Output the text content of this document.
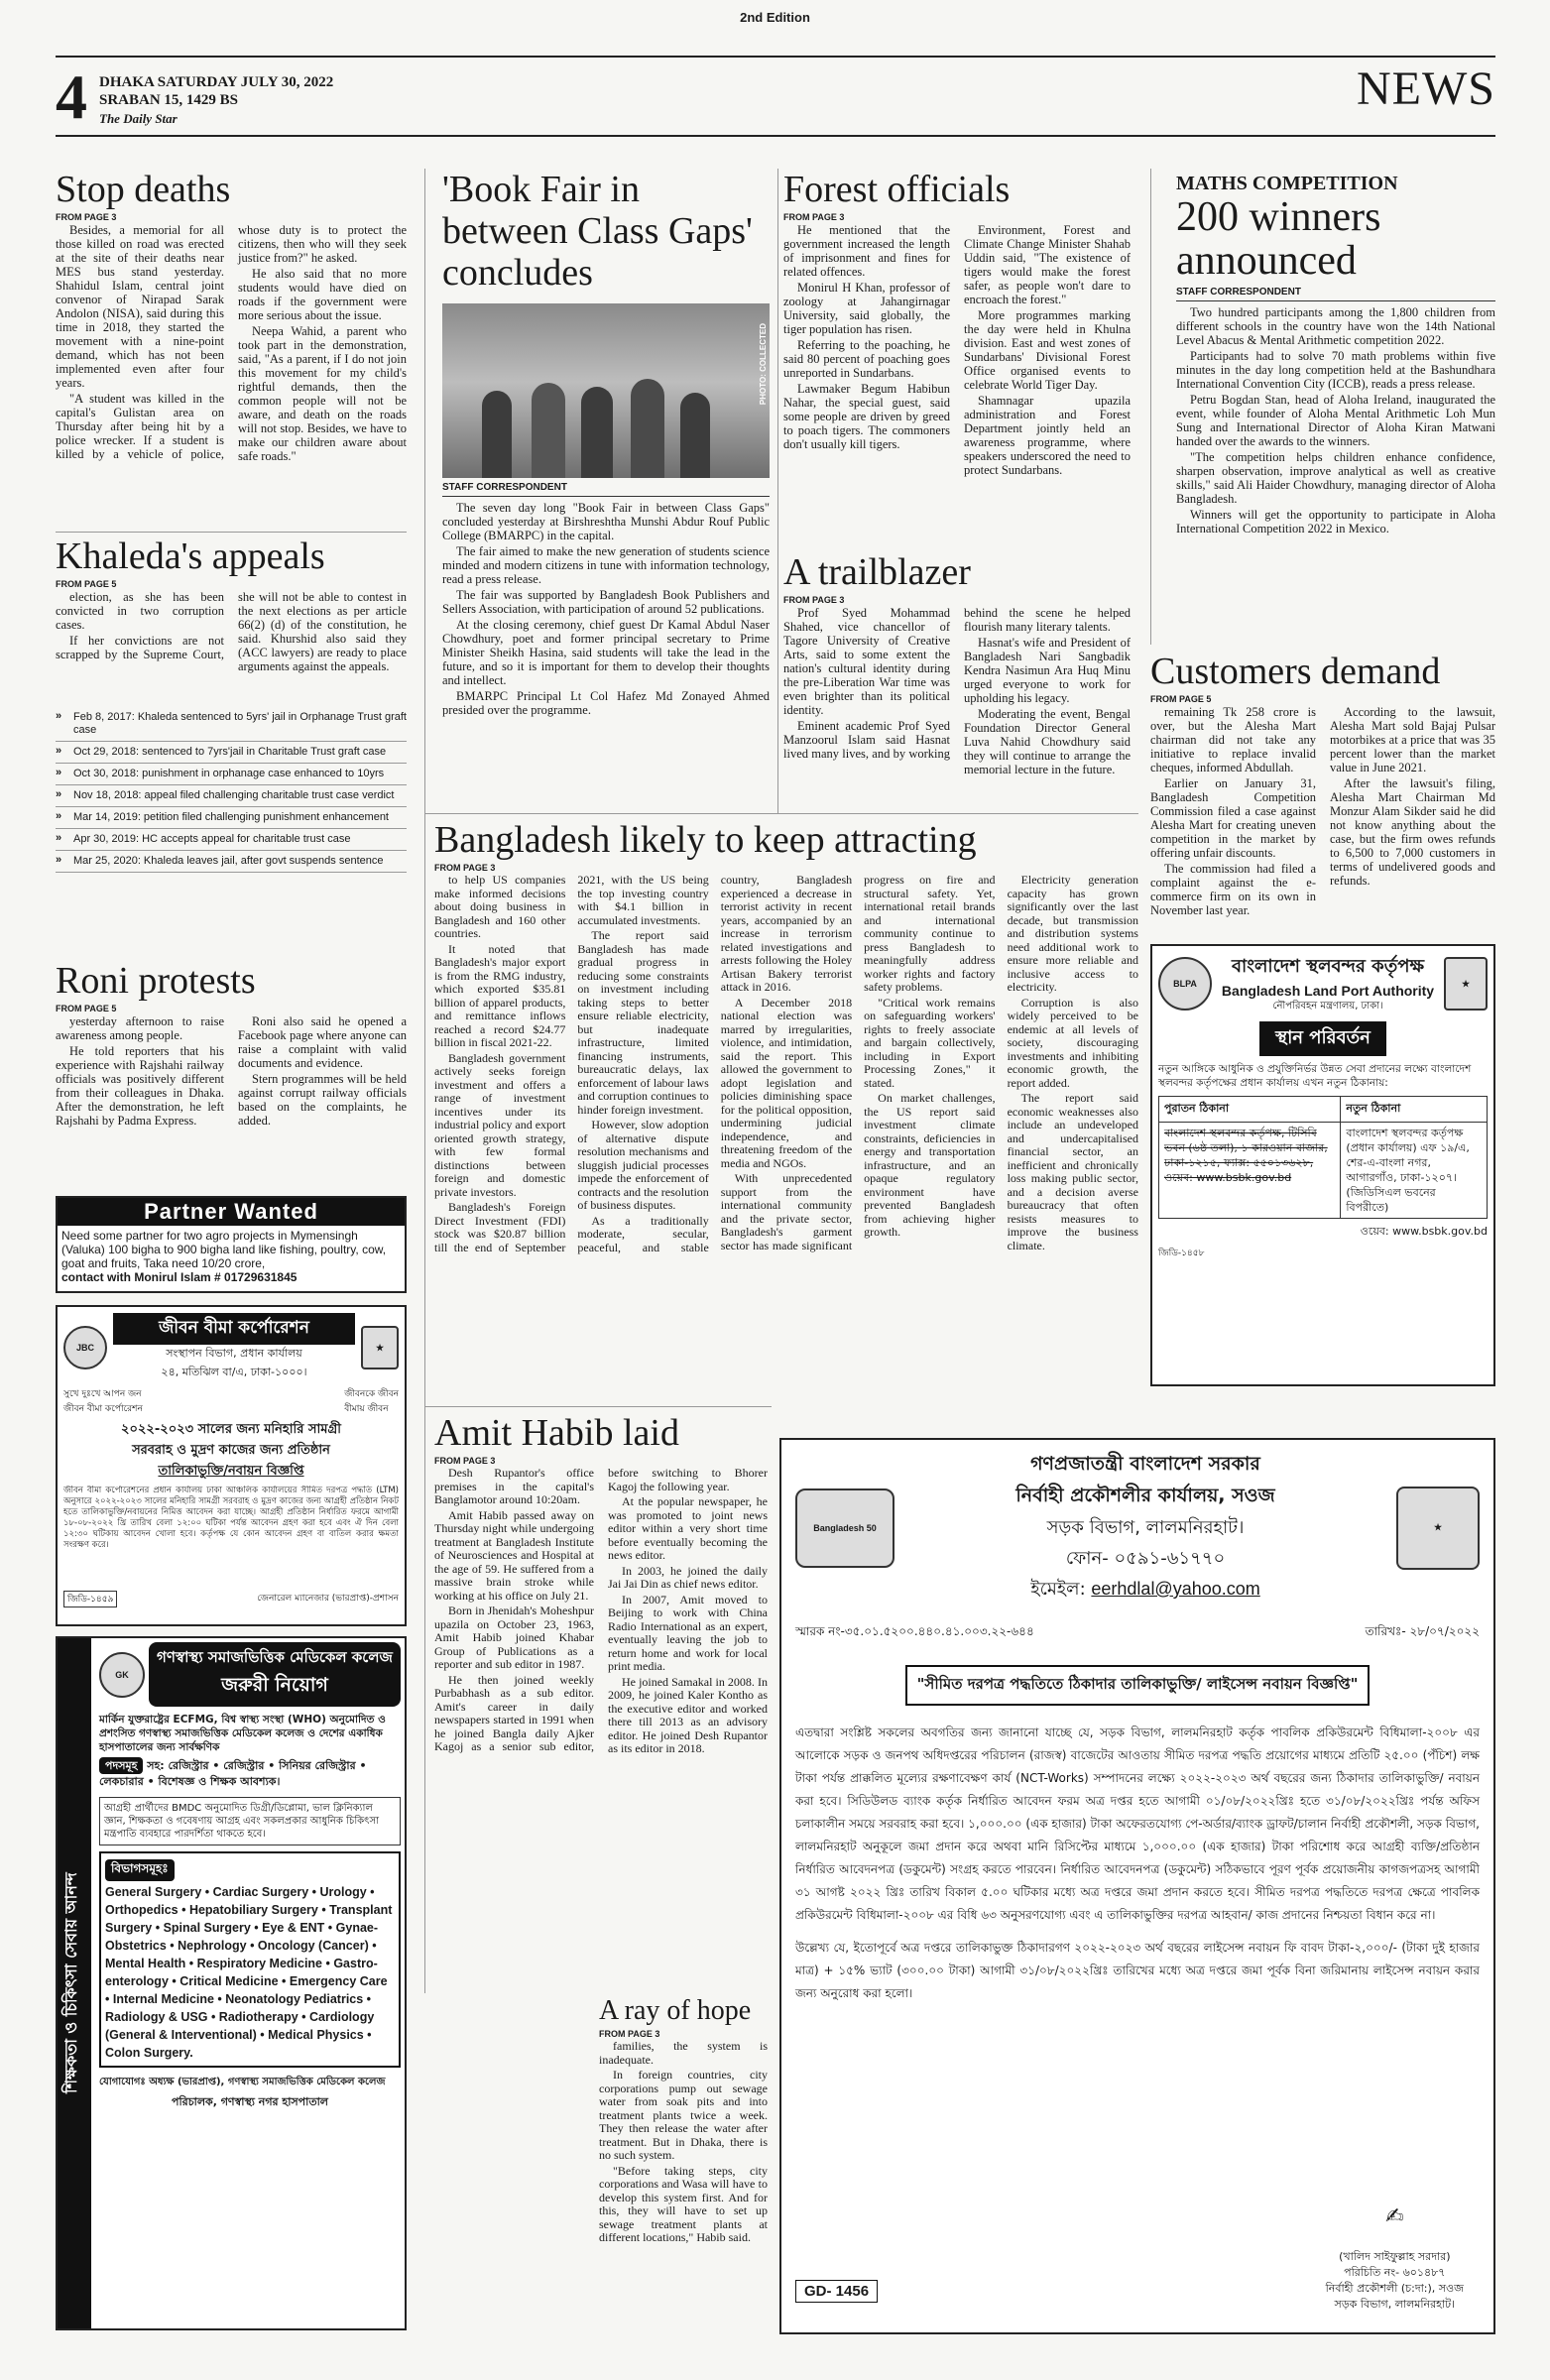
2nd Edition
4 DHAKA SATURDAY JULY 30, 2022
SRABAN 15, 1429 BS
The Daily Star
NEWS
Stop deaths
FROM PAGE 3

Besides, a memorial for all those killed on road was erected at the site of their deaths near MES bus stand yesterday. Shahidul Islam, central joint convenor of Nirapad Sarak Andolon (NISA), said during this time in 2018, they started the movement with a nine-point demand, which has not been implemented even after four years.

"A student was killed in the capital's Gulistan area on Thursday after being hit by a police wrecker. If a student is killed by a vehicle of police, whose duty is to protect the citizens, then who will they seek justice from?" he asked.

He also said that no more students would have died on roads if the government were more serious about the issue.

Neepa Wahid, a parent who took part in the demonstration, said, "As a parent, if I do not join this movement for my child's rightful demands, then the common people will not be aware, and death on the roads will not stop. Besides, we have to make our children aware about safe roads."

Khaleda's appeals
FROM PAGE 5

election, as she has been convicted in two corruption cases.

If her convictions are not scrapped by the Supreme Court, she will not be able to contest in the next elections as per article 66(2) (d) of the constitution, he said. Khurshid also said they (ACC lawyers) are ready to place arguments against the appeals.

» Feb 8, 2017: Khaleda sentenced to 5yrs' jail in Orphanage Trust graft case
» Oct 29, 2018: sentenced to 7yrs'jail in Charitable Trust graft case
» Oct 30, 2018: punishment in orphanage case enhanced to 10yrs
» Nov 18, 2018: appeal filed challenging charitable trust case verdict
» Mar 14, 2019: petition filed challenging punishment enhancement
» Apr 30, 2019: HC accepts appeal for charitable trust case
» Mar 25, 2020: Khaleda leaves jail, after govt suspends sentence
Roni protests
FROM PAGE 5

yesterday afternoon to raise awareness among people.

He told reporters that his experience with Rajshahi railway officials was positively different from their colleagues in Dhaka. After the demonstration, he left Rajshahi by Padma Express.

Roni also said he opened a Facebook page where anyone can raise a complaint with valid documents and evidence.

Stern programmes will be held against corrupt railway officials based on the complaints, he added.

Partner Wanted
Need some partner for two agro projects in Mymensingh (Valuka) 100 bigha to 900 bigha land like fishing, poultry, cow, goat and fruits, Taka need 10/20 crore,
contact with Monirul Islam # 01729631845
JBC
জীবন বীমা কর্পোরেশন
সংস্থাপন বিভাগ, প্রধান কার্যালয়
২৪, মতিঝিল বা/এ, ঢাকা-১০০০।
★
সুখে দুঃখে আপন জন
জীবন বীমা কর্পোরেশন
জীবনকে জীবন
বীমায় জীবন
২০২২-২০২৩ সালের জন্য মনিহারি সামগ্রী
সরবরাহ ও মুদ্রণ কাজের জন্য প্রতিষ্ঠান
তালিকাভুক্তি/নবায়ন বিজ্ঞপ্তি
জীবন বীমা কর্পোরেশনের প্রধান কার্যালয় ঢাকা আঞ্চলিক কার্যালয়ের সীমিত দরপত্র পদ্ধতি (LTM) অনুসারে ২০২২-২০২৩ সালের মনিহারি সামগ্রী সরবরাহ ও মুদ্রণ কাজের জন্য আগ্রহী প্রতিষ্ঠান নিকট হতে তালিকাভুক্তি/নবায়নের নিমিত্ত আবেদন করা যাচ্ছে। আগ্রহী প্রতিষ্ঠান নির্ধারিত ফরমে আগামী ১৮-০৮-২০২২ খ্রি তারিখ বেলা ১২:০০ ঘটিকা পর্যন্ত আবেদন গ্রহণ করা হবে এবং ঐ দিন বেলা ১২:৩০ ঘটিকায় আবেদন খোলা হবে। কর্তৃপক্ষ যে কোন আবেদন গ্রহণ বা বাতিল করার ক্ষমতা সংরক্ষণ করে।
জিডি-১৪৫৯	জেনারেল ম্যানেজার (ভারপ্রাপ্ত)-প্রশাসন
শিক্ষকতা ও চিকিৎসা সেবায় আনন্দ
GK
গণস্বাস্থ্য সমাজভিত্তিক মেডিকেল কলেজ
জরুরী নিয়োগ
মার্কিন যুক্তরাষ্ট্রের ECFMG, বিশ্ব স্বাস্থ্য সংস্থা (WHO) অনুমোদিত ও প্রশংসিত গণস্বাস্থ্য সমাজভিত্তিক মেডিকেল কলেজ ও দেশের একাধিক হাসপাতালের জন্য সার্বক্ষণিক
পদসমূহ সহ: রেজিস্ট্রার • রেজিস্ট্রার • সিনিয়র রেজিস্ট্রার • লেকচারার • বিশেষজ্ঞ ও শিক্ষক আবশ্যক।
আগ্রহী প্রার্থীদের BMDC অনুমোদিত ডিগ্রী/ডিপ্লোমা, ভাল ক্লিনিক্যাল জ্ঞান, শিক্ষকতা ও গবেষণায় আগ্রহ এবং সকলপ্রকার আধুনিক চিকিৎসা মন্ত্রপাতি ব্যবহারে পারদর্শিতা থাকতে হবে।
বিভাগসমূহঃ
General Surgery • Cardiac Surgery • Urology • Orthopedics • Hepatobiliary Surgery • Transplant Surgery • Spinal Surgery • Eye & ENT • Gynae-Obstetrics • Nephrology • Oncology (Cancer) • Mental Health • Respiratory Medicine • Gastro-enterology • Critical Medicine • Emergency Care • Internal Medicine • Neonatology Pediatrics • Radiology & USG • Radiotherapy • Cardiology (General & Interventional) • Medical Physics • Colon Surgery.
যোগাযোগঃ অধ্যক্ষ (ভারপ্রাপ্ত), গণস্বাস্থ্য সমাজভিত্তিক মেডিকেল কলেজ
পরিচালক, গণস্বাস্থ্য নগর হাসপাতাল
'Book Fair in between Class Gaps' concludes
PHOTO: COLLECTED
STAFF CORRESPONDENT

The seven day long "Book Fair in between Class Gaps" concluded yesterday at Birshreshtha Munshi Abdur Rouf Public College (BMARPC) in the capital.

The fair aimed to make the new generation of students science minded and modern citizens in tune with information technology, read a press release.

The fair was supported by Bangladesh Book Publishers and Sellers Association, with participation of around 52 publications.

At the closing ceremony, chief guest Dr Kamal Abdul Naser Chowdhury, poet and former principal secretary to Prime Minister Sheikh Hasina, said students will take the lead in the future, and so it is important for them to develop their thoughts and intellect.

BMARPC Principal Lt Col Hafez Md Zonayed Ahmed presided over the programme.

Forest officials
FROM PAGE 3

He mentioned that the government increased the length of imprisonment and fines for related offences.

Monirul H Khan, professor of zoology at Jahangirnagar University, said globally, the tiger population has risen.

Referring to the poaching, he said 80 percent of poaching goes unreported in Sundarbans.

Lawmaker Begum Habibun Nahar, the special guest, said some people are driven by greed to poach tigers. The commoners don't usually kill tigers.

Environment, Forest and Climate Change Minister Shahab Uddin said, "The existence of tigers would make the forest safer, as people won't dare to encroach the forest."

More programmes marking the day were held in Khulna division. East and west zones of Sundarbans' Divisional Forest Office organised events to celebrate World Tiger Day.

Shamnagar upazila administration and Forest Department jointly held an awareness programme, where speakers underscored the need to protect Sundarbans.

A trailblazer
FROM PAGE 3

Prof Syed Mohammad Shahed, vice chancellor of Tagore University of Creative Arts, said to some extent the nation's cultural identity during the pre-Liberation War time was even brighter than its political identity.

Eminent academic Prof Syed Manzoorul Islam said Hasnat lived many lives, and by working behind the scene he helped flourish many literary talents.

Hasnat's wife and President of Bangladesh Nari Sangbadik Kendra Nasimun Ara Huq Minu urged everyone to work for upholding his legacy.

Moderating the event, Bengal Foundation Director General Luva Nahid Chowdhury said they will continue to arrange the memorial lecture in the future.

MATHS COMPETITION
200 winners announced
STAFF CORRESPONDENT

Two hundred participants among the 1,800 children from different schools in the country have won the 14th National Level Abacus & Mental Arithmetic competition 2022.

Participants had to solve 70 math problems within five minutes in the day long competition held at the Bashundhara International Convention City (ICCB), reads a press release.

Petru Bogdan Stan, head of Aloha Ireland, inaugurated the event, while founder of Aloha Mental Arithmetic Loh Mun Sung and International Director of Aloha Kiran Matwani handed over the awards to the winners.

"The competition helps children enhance confidence, sharpen observation, improve analytical as well as creative skills," said Ali Haider Chowdhury, managing director of Aloha Bangladesh.

Winners will get the opportunity to participate in Aloha International Competition 2022 in Mexico.

Customers demand
FROM PAGE 5

remaining Tk 258 crore is over, but the Alesha Mart chairman did not take any initiative to replace invalid cheques, informed Abdullah.

Earlier on January 31, Bangladesh Competition Commission filed a case against Alesha Mart for creating uneven competition in the market by offering unfair discounts.

The commission had filed a complaint against the e-commerce firm on its own in November last year.

According to the lawsuit, Alesha Mart sold Bajaj Pulsar motorbikes at a price that was 35 percent lower than the market value in June 2021.

After the lawsuit's filing, Alesha Mart Chairman Md Monzur Alam Sikder said he did not know anything about the case, but the firm owes refunds to 6,500 to 7,000 customers in terms of undelivered goods and refunds.

BLPA
বাংলাদেশ স্থলবন্দর কর্তৃপক্ষ
Bangladesh Land Port Authority
নৌপরিবহন মন্ত্রণালয়, ঢাকা।
★
স্থান পরিবর্তন
নতুন আঙ্গিকে আধুনিক ও প্রযুক্তিনির্ভর উন্নত সেবা প্রদানের লক্ষ্যে বাংলাদেশ স্থলবন্দর কর্তৃপক্ষের প্রধান কার্যালয় এখন নতুন ঠিকানায়:
পুরাতন ঠিকানা	নতুন ঠিকানা
বাংলাদেশ স্থলবন্দর কর্তৃপক্ষ, টিসিবি ভবন (৬ষ্ঠ তলা), ১ কারওয়ান বাজার, ঢাকা-১২১৫, ফ্যাক্স: ৫৫০১৩৬২৮, ওয়েব: www.bsbk.gov.bd	বাংলাদেশ স্থলবন্দর কর্তৃপক্ষ (প্রধান কার্যালয়) এফ ১৯/এ, শের-এ-বাংলা নগর, আগারগাঁও, ঢাকা-১২০৭। (জিডিসিএল ভবনের বিপরীতে)
ওয়েব: www.bsbk.gov.bd
জিডি-১৪৫৮
Bangladesh likely to keep attracting
FROM PAGE 3

to help US companies make informed decisions about doing business in Bangladesh and 160 other countries.

It noted that Bangladesh's major export is from the RMG industry, which exported $35.81 billion of apparel products, and remittance inflows reached a record $24.77 billion in fiscal 2021-22.

Bangladesh government actively seeks foreign investment and offers a range of investment incentives under its industrial policy and export oriented growth strategy, with few formal distinctions between foreign and domestic private investors.

Bangladesh's Foreign Direct Investment (FDI) stock was $20.87 billion till the end of September 2021, with the US being the top investing country with $4.1 billion in accumulated investments.

The report said Bangladesh has made gradual progress in reducing some constraints on investment including taking steps to better ensure reliable electricity, but inadequate infrastructure, limited financing instruments, bureaucratic delays, lax enforcement of labour laws and corruption continues to hinder foreign investment.

However, slow adoption of alternative dispute resolution mechanisms and sluggish judicial processes impede the enforcement of contracts and the resolution of business disputes.

As a traditionally moderate, secular, peaceful, and stable country, Bangladesh experienced a decrease in terrorist activity in recent years, accompanied by an increase in terrorism related investigations and arrests following the Holey Artisan Bakery terrorist attack in 2016.

A December 2018 national election was marred by irregularities, violence, and intimidation, said the report. This allowed the government to adopt legislation and policies diminishing space for the political opposition, undermining judicial independence, and threatening freedom of the media and NGOs.

With unprecedented support from the international community and the private sector, Bangladesh's garment sector has made significant progress on fire and structural safety. Yet, international retail brands and international community continue to press Bangladesh to meaningfully address worker rights and factory safety problems.

"Critical work remains on safeguarding workers' rights to freely associate and bargain collectively, including in Export Processing Zones," it stated.

On market challenges, the US report said investment climate constraints, deficiencies in energy and transportation infrastructure, and an opaque regulatory environment have prevented Bangladesh from achieving higher growth.

Electricity generation capacity has grown significantly over the last decade, but transmission and distribution systems need additional work to ensure more reliable and inclusive access to electricity.

Corruption is also widely perceived to be endemic at all levels of society, discouraging investments and inhibiting economic growth, the report added.

The report said economic weaknesses also include an undeveloped and undercapitalised financial sector, an inefficient and chronically loss making public sector, and a decision averse bureaucracy that often resists measures to improve the business climate.

Amit Habib laid
FROM PAGE 3

Desh Rupantor's office premises in the capital's Banglamotor around 10:20am.

Amit Habib passed away on Thursday night while undergoing treatment at Bangladesh Institute of Neurosciences and Hospital at the age of 59. He suffered from a massive brain stroke while working at his office on July 21.

Born in Jhenidah's Moheshpur upazila on October 23, 1963, Amit Habib joined Khabar Group of Publications as a reporter and sub editor in 1987.

He then joined weekly Purbabhash as a sub editor. Amit's career in daily newspapers started in 1991 when he joined Bangla daily Ajker Kagoj as a senior sub editor, before switching to Bhorer Kagoj the following year.

At the popular newspaper, he was promoted to joint news editor within a very short time before eventually becoming the news editor.

In 2003, he joined the daily Jai Jai Din as chief news editor.

In 2007, Amit moved to Beijing to work with China Radio International as an expert, eventually leaving the job to return home and work for local print media.

He joined Samakal in 2008. In 2009, he joined Kaler Kontho as the executive editor and worked there till 2013 as an advisory editor. He joined Desh Rupantor as its editor in 2018.

A ray of hope
FROM PAGE 3

families, the system is inadequate.

In foreign countries, city corporations pump out sewage water from soak pits and into treatment plants twice a week. They then release the water after treatment. But in Dhaka, there is no such system.

"Before taking steps, city corporations and Wasa will have to develop this system first. And for this, they will have to set up sewage treatment plants at different locations," Habib said.

Bangladesh 50
গণপ্রজাতন্ত্রী বাংলাদেশ সরকার
নির্বাহী প্রকৌশলীর কার্যালয়, সওজ
সড়ক বিভাগ, লালমনিরহাট।
ফোন- ০৫৯১-৬১৭৭০
ইমেইল: eerhdlal@yahoo.com
★
স্মারক নং-৩৫.০১.৫২০০.৪৪০.৪১.০০৩.২২-৬৪৪	তারিখঃ- ২৮/০৭/২০২২
"সীমিত দরপত্র পদ্ধতিতে ঠিকাদার তালিকাভুক্তি/ লাইসেন্স নবায়ন বিজ্ঞপ্তি"
এতদ্বারা সংশ্লিষ্ট সকলের অবগতির জন্য জানানো যাচ্ছে যে, সড়ক বিভাগ, লালমনিরহাট কর্তৃক পাবলিক প্রকিউরমেন্ট বিধিমালা-২০০৮ এর আলোকে সড়ক ও জনপথ অধিদপ্তরের পরিচালন (রাজস্ব) বাজেটের আওতায় সীমিত দরপত্র পদ্ধতি প্রয়োগের মাধ্যমে প্রতিটি ২৫.০০ (পঁচিশ) লক্ষ টাকা পর্যন্ত প্রাক্কলিত মূল্যের রক্ষণাবেক্ষণ কার্য (NCT-Works) সম্পাদনের লক্ষ্যে ২০২২-২০২৩ অর্থ বছরের জন্য ঠিকাদার তালিকাভুক্তি/ নবায়ন করা হবে। সিডিউলড ব্যাংক কর্তৃক নির্ধারিত আবেদন ফরম অত্র দপ্তর হতে আগামী ০১/০৮/২০২২খ্রিঃ হতে ৩১/০৮/২০২২খ্রিঃ পর্যন্ত অফিস চলাকালীন সময়ে সরবরাহ করা হবে। ১,০০০.০০ (এক হাজার) টাকা অফেরতযোগ্য পে-অর্ডার/ব্যাংক ড্রাফট/চালান নির্বাহী প্রকৌশলী, সড়ক বিভাগ, লালমনিরহাট অনুকূলে জমা প্রদান করে অথবা মানি রিসিপ্টের মাধ্যমে ১,০০০.০০ (এক হাজার) টাকা পরিশোধ করে আগ্রহী ব্যক্তি/প্রতিষ্ঠান নির্ধারিত আবেদনপত্র (ডকুমেন্ট) সংগ্রহ করতে পারবেন। নির্ধারিত আবেদনপত্র (ডকুমেন্ট) সঠিকভাবে পূরণ পূর্বক প্রয়োজনীয় কাগজপত্রসহ আগামী ৩১ আগষ্ট ২০২২ খ্রিঃ তারিখ বিকাল ৫.০০ ঘটিকার মধ্যে অত্র দপ্তরে জমা প্রদান করতে হবে। সীমিত দরপত্র পদ্ধতিতে দরপত্র ক্ষেত্রে পাবলিক প্রকিউরমেন্ট বিধিমালা-২০০৮ এর বিধি ৬৩ অনুসরণযোগ্য এবং এ তালিকাভুক্তির দরপত্র আহবান/ কাজ প্রদানের নিশ্চয়তা বিধান করে না।
উল্লেখ্য যে, ইতোপূর্বে অত্র দপ্তরে তালিকাভুক্ত ঠিকাদারগণ ২০২২-২০২৩ অর্থ বছরের লাইসেন্স নবায়ন ফি বাবদ টাকা-২,০০০/- (টাকা দুই হাজার মাত্র) + ১৫% ভ্যাট (৩০০.০০ টাকা) আগামী ৩১/০৮/২০২২খ্রিঃ তারিখের মধ্যে অত্র দপ্তরে জমা পূর্বক বিনা জরিমানায় লাইসেন্স নবায়ন করার জন্য অনুরোধ করা হলো।
✍
(খালিদ সাইফুল্লাহ সরদার)
পরিচিতি নং- ৬০১৪৮৭
নির্বাহী প্রকৌশলী (চ:দা:), সওজ
সড়ক বিভাগ, লালমনিরহাট।
GD- 1456
